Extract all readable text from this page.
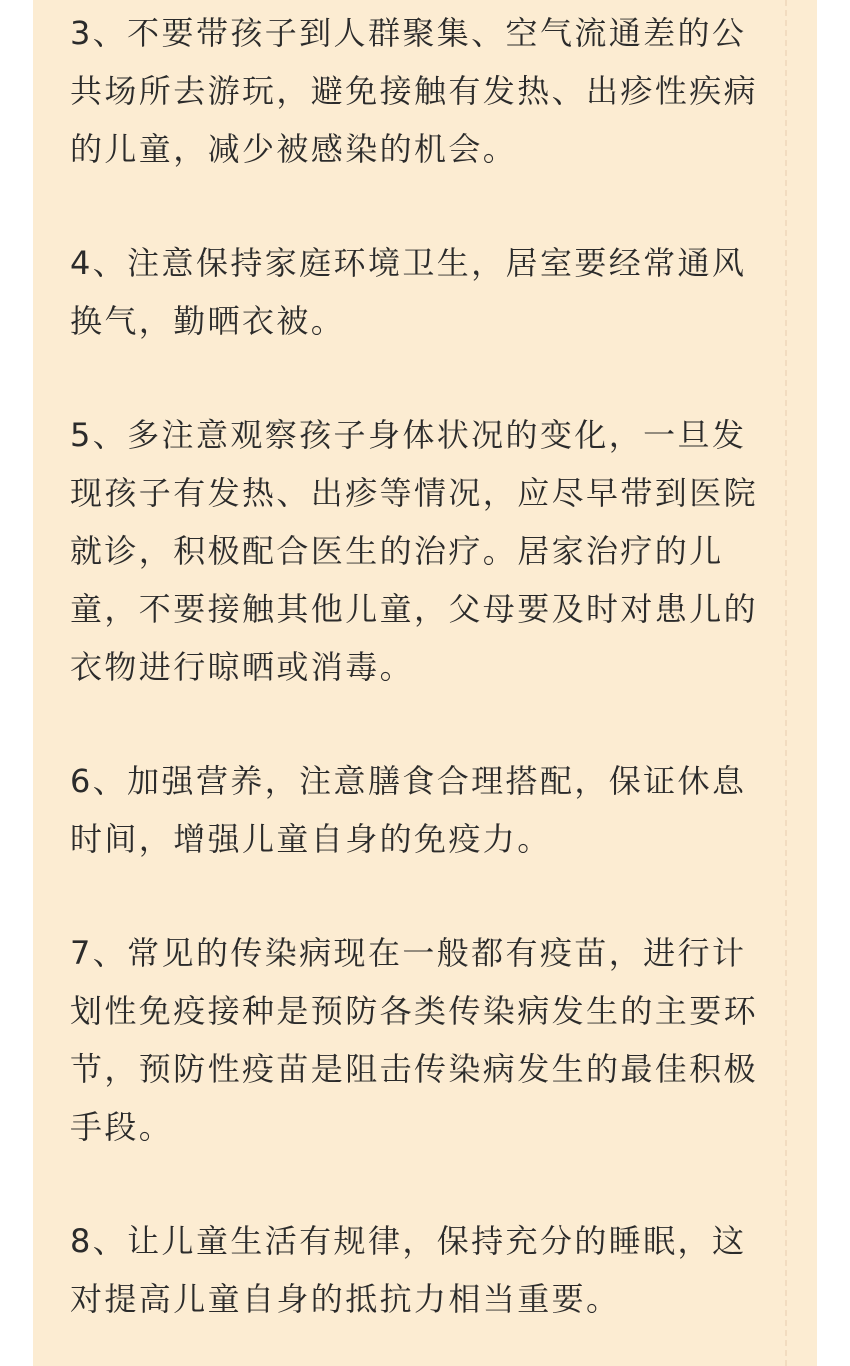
3、不要带孩子到人群聚集、空气流通差的公共场所去游玩，避免接触有发热、出疹性疾病的儿童，减少被感染的机会。

4、注意保持家庭环境卫生，居室要经常通风换气，勤晒衣被。

5、多注意观察孩子身体状况的变化，一旦发现孩子有发热、出疹等情况，应尽早带到医院就诊，积极配合医生的治疗。居家治疗的儿童，不要接触其他儿童，父母要及时对患儿的衣物进行晾晒或消毒。

6、加强营养，注意膳食合理搭配，保证休息时间，增强儿童自身的免疫力。

7、常见的传染病现在一般都有疫苗，进行计划性免疫接种是预防各类传染病发生的主要环节，预防性疫苗是阻击传染病发生的最佳积极手段。

8、让儿童生活有规律，保持充分的睡眠，这对提高儿童自身的抵抗力相当重要。
